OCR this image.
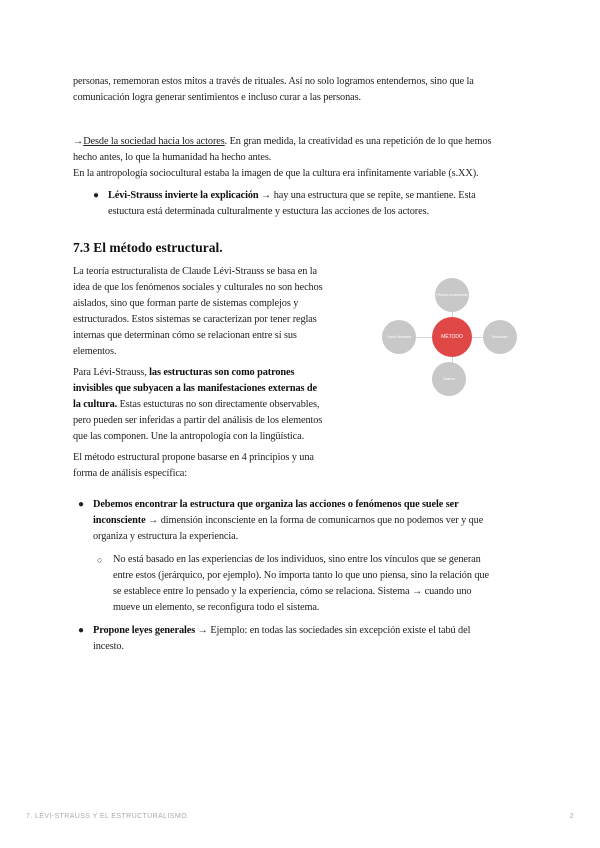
personas, rememoran estos mitos a través de rituales. Así no solo logramos entendernos, sino que la

comunicación logra generar sentimientos e incluso curar a las personas.

→Desde la sociedad hacia los actores. En gran medida, la creatividad es una repetición de lo que hemos

hecho antes, lo que la humanidad ha hecho antes.

En la antropología sociocultural estaba la imagen de que la cultura era infinitamente variable (s.XX).

● Lévi-Strauss invierte la explicación → hay una estructura que se repite, se mantiene. Esta

estuctura está determinada culturalmente y estuctura las acciones de los actores.

7.3 El método estructural.

La teoría estructuralista de Claude Lévi-Strauss se basa en la

idea de que los fenómenos sociales y culturales no son hechos

aislados, sino que forman parte de sistemas complejos y

estructurados. Estos sistemas se caracterizan por tener reglas

internas que determinan cómo se relacionan entre sí sus

elementos.

Para Lévi-Strauss, las estructuras son como patrones

invisibles que subyacen a las manifestaciones externas de

la cultura. Estas estucturas no son directamente observables,

pero pueden ser inferidas a partir del análisis de los elementos

que las componen. Une la antropología con la lingüística.

El método estructural propone basarse en 4 principios y una

forma de análisis específica:

Principio Inconsciente
Leyes Generales	MÉTODO	Relaciones
Sistema
● Debemos encontrar la estructura que organiza las acciones o fenómenos que suele ser

inconsciente → dimensión inconsciente en la forma de comunicarnos que no podemos ver y que

organiza y estructura la experiencia.

○ No está basado en las experiencias de los individuos, sino entre los vínculos que se generan

entre estos (jerárquico, por ejemplo). No importa tanto lo que uno piensa, sino la relación que

se establece entre lo pensado y la experiencia, cómo se relaciona. Sistema → cuando uno

mueve un elemento, se reconfigura todo el sistema.

● Propone leyes generales → Ejemplo: en todas las sociedades sin excepción existe el tabú del

incesto.

7. LÉVI-STRAUSS Y EL ESTRUCTURALISMO.	2
